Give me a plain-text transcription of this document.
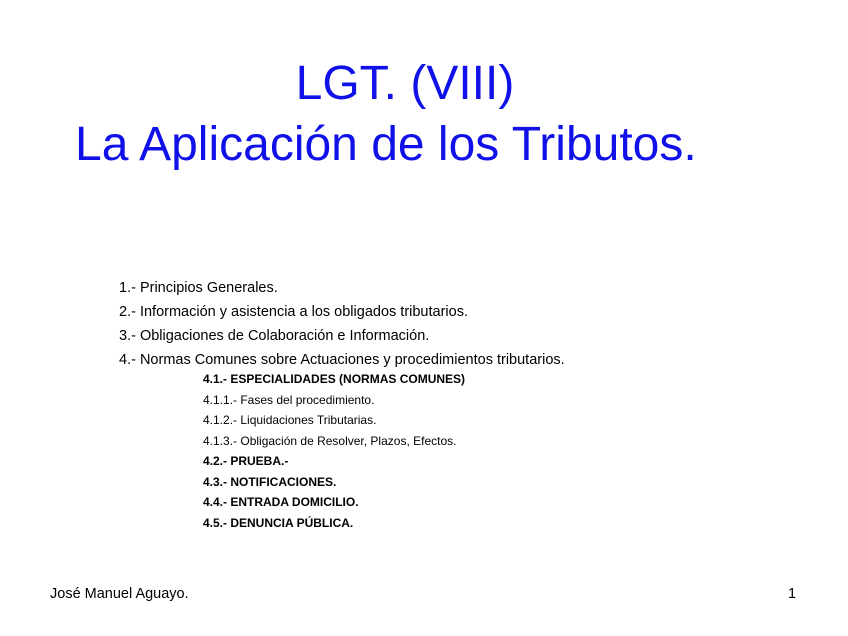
LGT. (VIII)
La Aplicación de los Tributos.
1.- Principios Generales.
2.- Información y asistencia a los obligados tributarios.
3.- Obligaciones de Colaboración e Información.
4.- Normas Comunes sobre Actuaciones y procedimientos tributarios.
4.1.- ESPECIALIDADES (NORMAS COMUNES)
4.1.1.- Fases del procedimiento.
4.1.2.- Liquidaciones Tributarias.
4.1.3.- Obligación de Resolver, Plazos, Efectos.
4.2.- PRUEBA.-
4.3.- NOTIFICACIONES.
4.4.- ENTRADA DOMICILIO.
4.5.- DENUNCIA PÚBLICA.
José Manuel Aguayo.	1
